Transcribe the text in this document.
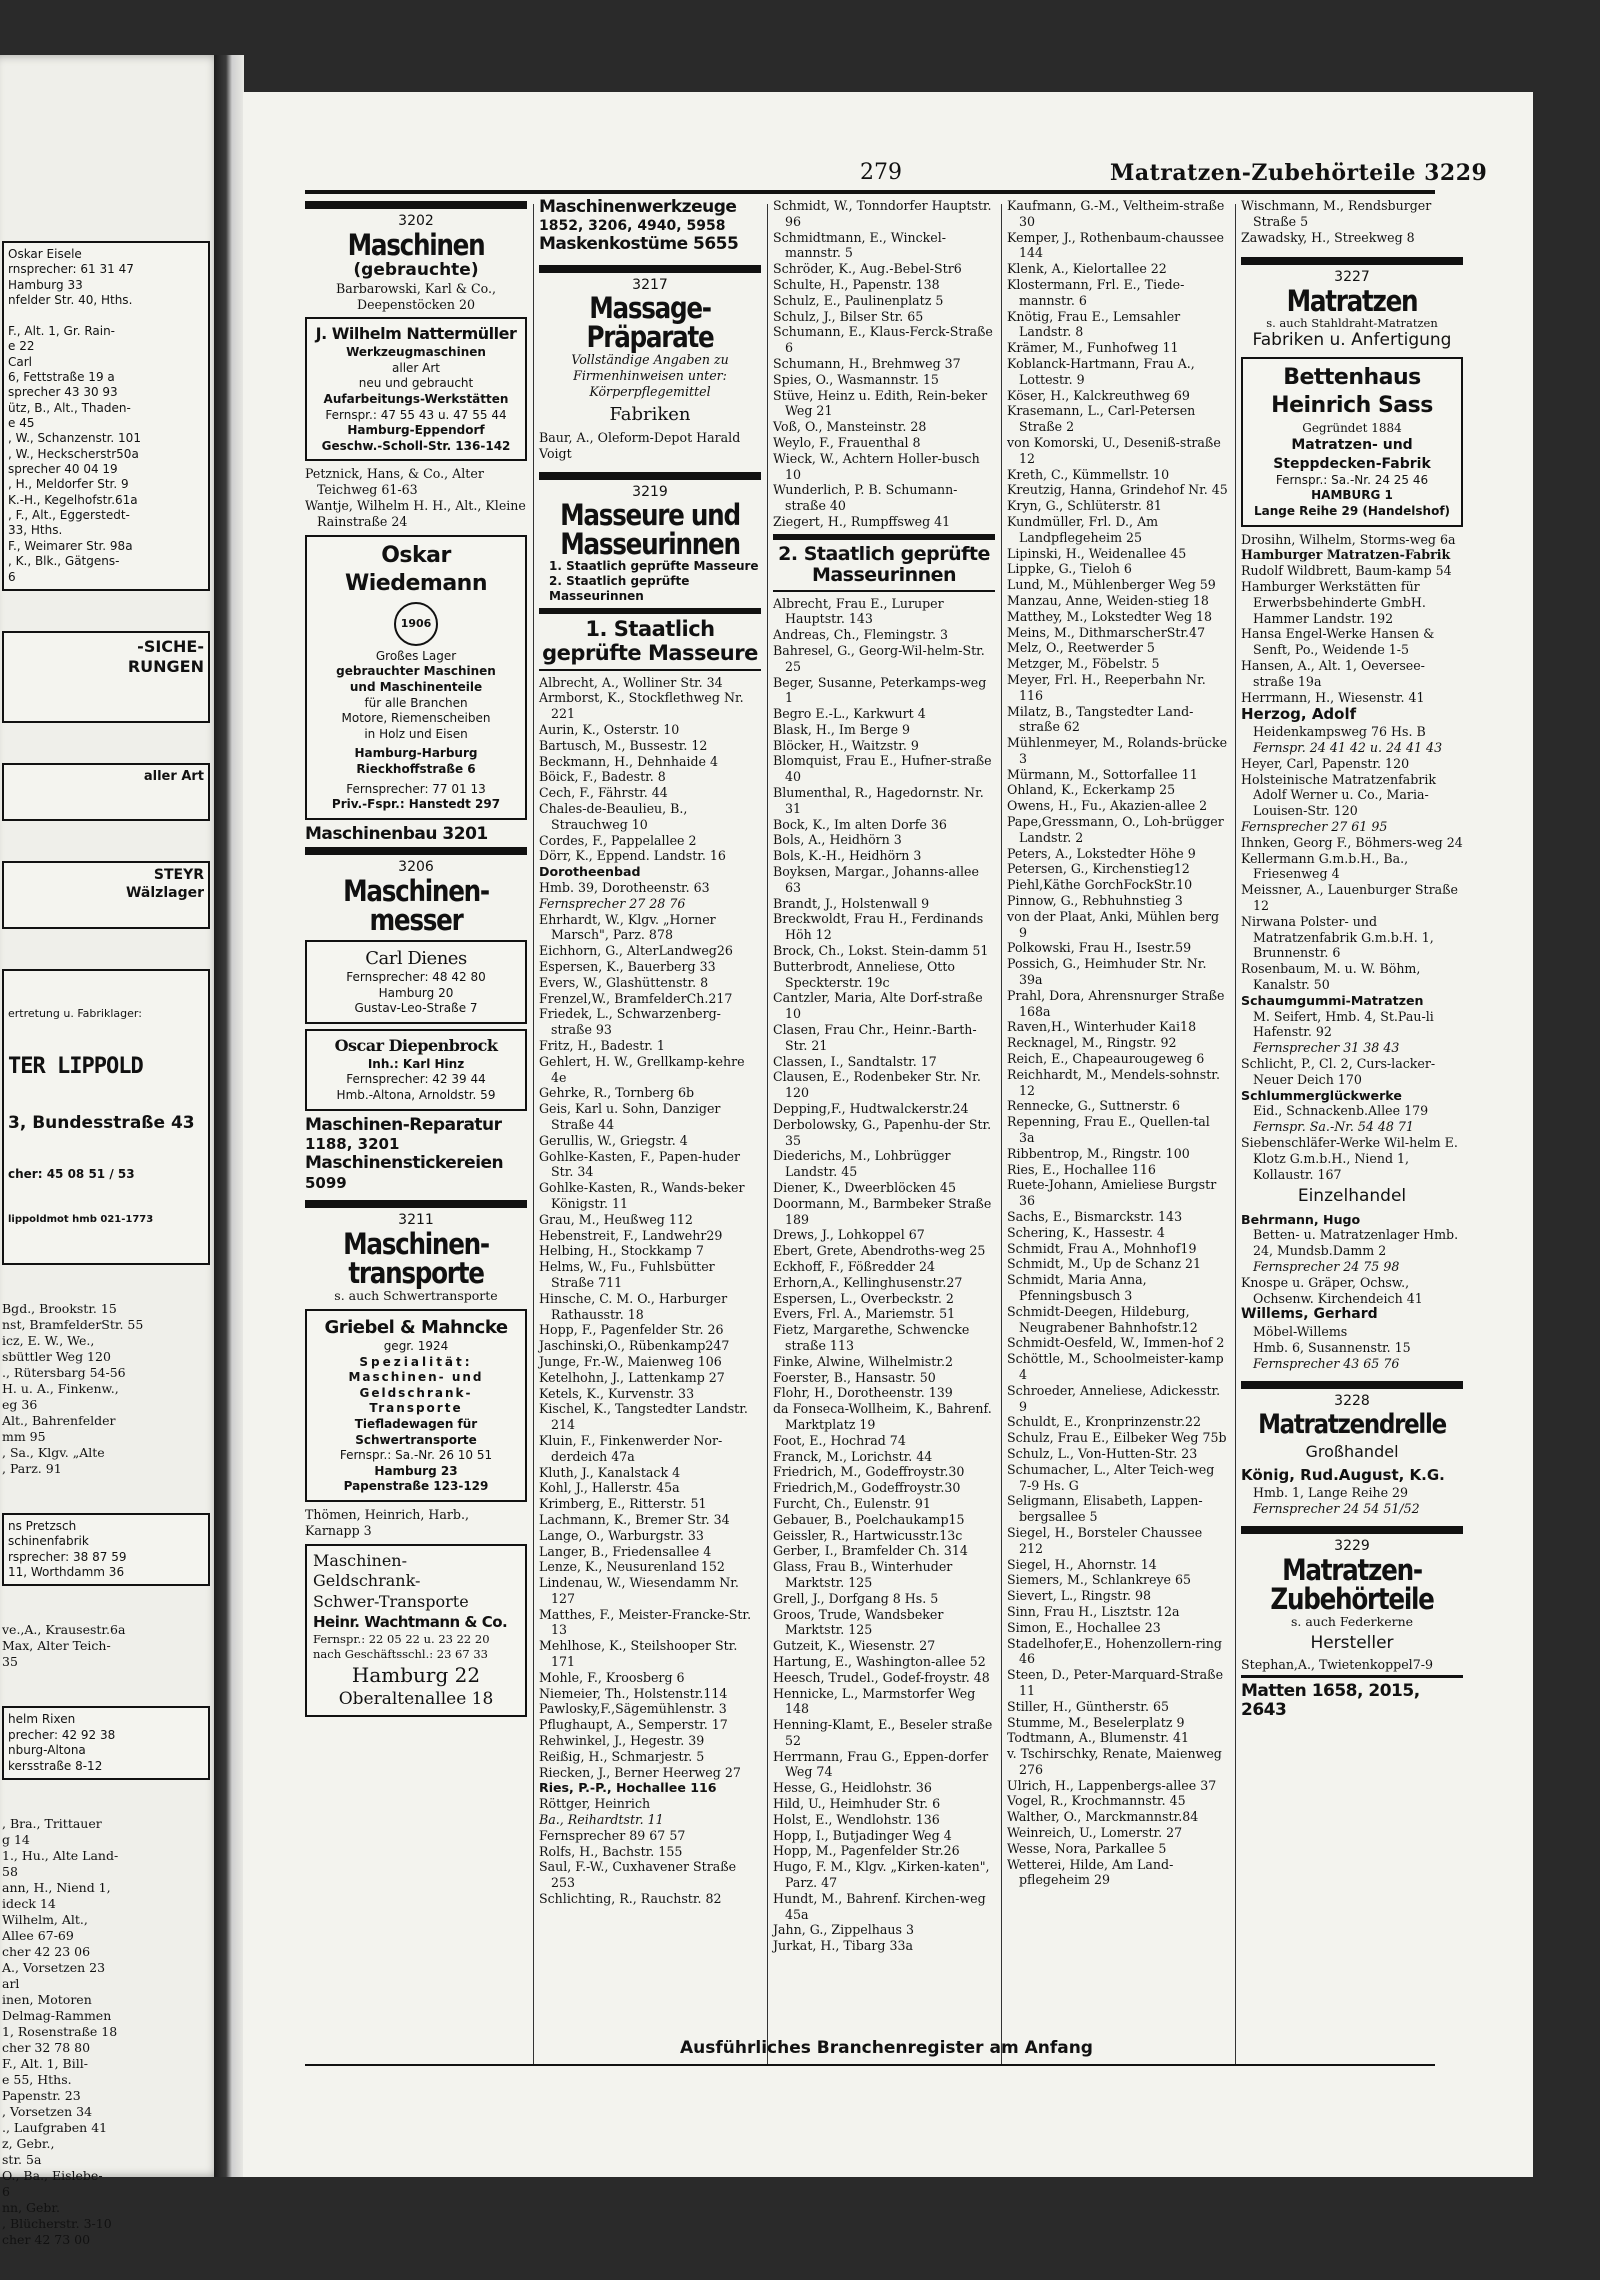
Oskar Eisele
rnsprecher: 61 31 47
Hamburg 33
nfelder Str. 40, Hths.

F., Alt. 1, Gr. Rain-
e 22
Carl
6, Fettstraße 19 a
sprecher 43 30 93
ütz, B., Alt., Thaden-
e 45
, W., Schanzenstr. 101
, W., Heckscherstr50a
sprecher 40 04 19
, H., Meldorfer Str. 9
K.-H., Kegelhofstr.61a
, F., Alt., Eggerstedt-
33, Hths.
F., Weimarer Str. 98a
, K., Blk., Gätgens-
6

-SICHE-
RUNGEN

aller Art

STEYR
Wälzlager

ertretung u. Fabriklager:

TER LIPPOLD

3, Bundesstraße 43

cher: 45 08 51 / 53

lippoldmot hmb 021-1773

Bgd., Brookstr. 15
nst, BramfelderStr. 55
icz, E. W., We.,
sbüttler Weg 120
., Rütersbarg 54-56
H. u. A., Finkenw.,
eg 36
Alt., Bahrenfelder
mm 95
, Sa., Klgv. „Alte
, Parz. 91

ns Pretzsch
schinenfabrik
rsprecher: 38 87 59
11, Worthdamm 36

ve.,A., Krausestr.6a
Max, Alter Teich-
35

helm Rixen
precher: 42 92 38
nburg-Altona
kersstraße 8-12

, Bra., Trittauer
g 14
1., Hu., Alte Land-
58
ann, H., Niend 1,
ideck 14
Wilhelm, Alt.,
Allee 67-69
cher 42 23 06
A., Vorsetzen 23
arl
inen, Motoren
Delmag-Rammen
1, Rosenstraße 18
cher 32 78 80
F., Alt. 1, Bill-
e 55, Hths.
Papenstr. 23
, Vorsetzen 34
., Laufgraben 41
z, Gebr.,
str. 5a
O., Ba., Eislebe-
6
nn, Gebr.
, Blücherstr. 3-10
cher 42 73 00

279	Matratzen-Zubehörteile 3229
3202
Maschinen
(gebrauchte)
Barbarowski, Karl & Co., Deepenstöcken 20
J. Wilhelm Nattermüller
Werkzeugmaschinen
aller Art
neu und gebraucht
Aufarbeitungs-Werkstätten
Fernspr.: 47 55 43 u. 47 55 44
Hamburg-Eppendorf
Geschw.-Scholl-Str. 136-142
Petznick, Hans, & Co., Alter Teichweg 61-63
Wantje, Wilhelm H. H., Alt., Kleine Rainstraße 24
Oskar Wiedemann
1906
Großes Lager
gebrauchter Maschinen
und Maschinenteile
für alle Branchen
Motore, Riemenscheiben
in Holz und Eisen
Hamburg-Harburg
Rieckhoffstraße 6
Fernsprecher: 77 01 13
Priv.-Fspr.: Hanstedt 297
Maschinenbau 3201
3206
Maschinen-messer
Carl Dienes
Fernsprecher: 48 42 80
Hamburg 20
Gustav-Leo-Straße 7
Oscar Diepenbrock
Inh.: Karl Hinz
Fernsprecher: 42 39 44
Hmb.-Altona, Arnoldstr. 59
Maschinen-Reparatur
1188, 3201
Maschinenstickereien
5099
3211
Maschinen-transporte
s. auch Schwertransporte
Griebel & Mahncke
gegr. 1924
Spezialität:
Maschinen- und
Geldschrank-
Transporte
Tiefladewagen für
Schwertransporte
Fernspr.: Sa.-Nr. 26 10 51
Hamburg 23
Papenstraße 123-129
Thömen, Heinrich, Harb., Karnapp 3
Maschinen-
Geldschrank-
Schwer-Transporte
Heinr. Wachtmann & Co.
Fernspr.: 22 05 22 u. 23 22 20
nach Geschäftsschl.: 23 67 33
Hamburg 22
Oberaltenallee 18
Maschinenwerkzeuge
1852, 3206, 4940, 5958
Maskenkostüme 5655
3217
Massage-Präparate
Vollständige Angaben zu Firmenhinweisen unter: Körperpflegemittel
Fabriken
Baur, A., Oleform-Depot Harald Voigt
3219
Masseure und Masseurinnen
1. Staatlich geprüfte Masseure
2. Staatlich geprüfte Masseurinnen
1. Staatlich geprüfte Masseure
Albrecht, A., Wolliner Str. 34
Armborst, K., Stockflethweg Nr. 221
Aurin, K., Osterstr. 10
Bartusch, M., Bussestr. 12
Beckmann, H., Dehnhaide 4
Böick, F., Badestr. 8
Cech, F., Fährstr. 44
Chales-de-Beaulieu, B., Strauchweg 10
Cordes, F., Pappelallee 2
Dörr, K., Eppend. Landstr. 16
Dorotheenbad
Hmb. 39, Dorotheenstr. 63
Fernsprecher 27 28 76
Ehrhardt, W., Klgv. „Horner Marsch", Parz. 878
Eichhorn, G., AlterLandweg26
Espersen, K., Bauerberg 33
Evers, W., Glashüttenstr. 8
Frenzel,W., BramfelderCh.217
Friedek, L., Schwarzenberg-straße 93
Fritz, H., Badestr. 1
Gehlert, H. W., Grellkamp-kehre 4e
Gehrke, R., Tornberg 6b
Geis, Karl u. Sohn, Danziger Straße 44
Gerullis, W., Griegstr. 4
Gohlke-Kasten, F., Papen-huder Str. 34
Gohlke-Kasten, R., Wands-beker Königstr. 11
Grau, M., Heußweg 112
Hebenstreit, F., Landwehr29
Helbing, H., Stockkamp 7
Helms, W., Fu., Fuhlsbütter Straße 711
Hinsche, C. M. O., Harburger Rathausstr. 18
Hopp, F., Pagenfelder Str. 26
Jaschinski,O., Rübenkamp247
Junge, Fr.-W., Maienweg 106
Ketelhohn, J., Lattenkamp 27
Ketels, K., Kurvenstr. 33
Kischel, K., Tangstedter Landstr. 214
Kluin, F., Finkenwerder Nor-derdeich 47a
Kluth, J., Kanalstack 4
Kohl, J., Hallerstr. 45a
Krimberg, E., Ritterstr. 51
Lachmann, K., Bremer Str. 34
Lange, O., Warburgstr. 33
Langer, B., Friedensallee 4
Lenze, K., Neusurenland 152
Lindenau, W., Wiesendamm Nr. 127
Matthes, F., Meister-Francke-Str. 13
Mehlhose, K., Steilshooper Str. 171
Mohle, F., Kroosberg 6
Niemeier, Th., Holstenstr.114
Pawlosky,F.,Sägemühlenstr. 3
Pflughaupt, A., Semperstr. 17
Rehwinkel, J., Hegestr. 39
Reißig, H., Schmarjestr. 5
Riecken, J., Berner Heerweg 27
Ries, P.-P., Hochallee 116
Röttger, Heinrich
Ba., Reihardtstr. 11
Fernsprecher 89 67 57
Rolfs, H., Bachstr. 155
Saul, F.-W., Cuxhavener Straße 253
Schlichting, R., Rauchstr. 82
Schmidt, W., Tonndorfer Hauptstr. 96
Schmidtmann, E., Winckel-mannstr. 5
Schröder, K., Aug.-Bebel-Str6
Schulte, H., Papenstr. 138
Schulz, E., Paulinenplatz 5
Schulz, J., Bilser Str. 65
Schumann, E., Klaus-Ferck-Straße 6
Schumann, H., Brehmweg 37
Spies, O., Wasmannstr. 15
Stüve, Heinz u. Edith, Rein-beker Weg 21
Voß, O., Mansteinstr. 28
Weylo, F., Frauenthal 8
Wieck, W., Achtern Holler-busch 10
Wunderlich, P. B. Schumann-straße 40
Ziegert, H., Rumpffsweg 41
2. Staatlich geprüfte Masseurinnen
Albrecht, Frau E., Luruper Hauptstr. 143
Andreas, Ch., Flemingstr. 3
Bahresel, G., Georg-Wil-helm-Str. 25
Beger, Susanne, Peterkamps-weg 1
Begro E.-L., Karkwurt 4
Blask, H., Im Berge 9
Blöcker, H., Waitzstr. 9
Blomquist, Frau E., Hufner-straße 40
Blumenthal, R., Hagedornstr. Nr. 31
Bock, K., Im alten Dorfe 36
Bols, A., Heidhörn 3
Bols, K.-H., Heidhörn 3
Boyksen, Margar., Johanns-allee 63
Brandt, J., Holstenwall 9
Breckwoldt, Frau H., Ferdinands Höh 12
Brock, Ch., Lokst. Stein-damm 51
Butterbrodt, Anneliese, Otto Speckterstr. 19c
Cantzler, Maria, Alte Dorf-straße 10
Clasen, Frau Chr., Heinr.-Barth-Str. 21
Classen, I., Sandtalstr. 17
Clausen, E., Rodenbeker Str. Nr. 120
Depping,F., Hudtwalckerstr.24
Derbolowsky, G., Papenhu-der Str. 35
Diederichs, M., Lohbrügger Landstr. 45
Diener, K., Dweerblöcken 45
Doormann, M., Barmbeker Straße 189
Drews, J., Lohkoppel 67
Ebert, Grete, Abendroths-weg 25
Eckhoff, F., Fößredder 24
Erhorn,A., Kellinghusenstr.27
Espersen, L., Overbeckstr. 2
Evers, Frl. A., Mariemstr. 51
Fietz, Margarethe, Schwencke straße 113
Finke, Alwine, Wilhelmistr.2
Foerster, B., Hansastr. 50
Flohr, H., Dorotheenstr. 139
da Fonseca-Wollheim, K., Bahrenf. Marktplatz 19
Foot, E., Hochrad 74
Franck, M., Lorichstr. 44
Friedrich, M., Godeffroystr.30
Friedrich,M., Godeffroystr.30
Furcht, Ch., Eulenstr. 91
Gebauer, B., Poelchaukamp15
Geissler, R., Hartwicusstr.13c
Gerber, I., Bramfelder Ch. 314
Glass, Frau B., Winterhuder Marktstr. 125
Grell, J., Dorfgang 8 Hs. 5
Groos, Trude, Wandsbeker Marktstr. 125
Gutzeit, K., Wiesenstr. 27
Hartung, E., Washington-allee 52
Heesch, Trudel., Godef-froystr. 48
Hennicke, L., Marmstorfer Weg 148
Henning-Klamt, E., Beseler straße 52
Herrmann, Frau G., Eppen-dorfer Weg 74
Hesse, G., Heidlohstr. 36
Hild, U., Heimhuder Str. 6
Holst, E., Wendlohstr. 136
Hopp, I., Butjadinger Weg 4
Hopp, M., Pagenfelder Str.26
Hugo, F. M., Klgv. „Kirken-katen", Parz. 47
Hundt, M., Bahrenf. Kirchen-weg 45a
Jahn, G., Zippelhaus 3
Jurkat, H., Tibarg 33a
Kaufmann, G.-M., Veltheim-straße 30
Kemper, J., Rothenbaum-chaussee 144
Klenk, A., Kielortallee 22
Klostermann, Frl. E., Tiede-mannstr. 6
Knötig, Frau E., Lemsahler Landstr. 8
Krämer, M., Funhofweg 11
Koblanck-Hartmann, Frau A., Lottestr. 9
Köser, H., Kalckreuthweg 69
Krasemann, L., Carl-Petersen Straße 2
von Komorski, U., Deseniß-straße 12
Kreth, C., Kümmellstr. 10
Kreutzig, Hanna, Grindehof Nr. 45
Kryn, G., Schlüterstr. 81
Kundmüller, Frl. D., Am Landpflegeheim 25
Lipinski, H., Weidenallee 45
Lippke, G., Tieloh 6
Lund, M., Mühlenberger Weg 59
Manzau, Anne, Weiden-stieg 18
Matthey, M., Lokstedter Weg 18
Meins, M., DithmarscherStr.47
Melz, O., Reetwerder 5
Metzger, M., Föbelstr. 5
Meyer, Frl. H., Reeperbahn Nr. 116
Milatz, B., Tangstedter Land-straße 62
Mühlenmeyer, M., Rolands-brücke 3
Mürmann, M., Sottorfallee 11
Ohland, K., Eckerkamp 25
Owens, H., Fu., Akazien-allee 2
Pape,Gressmann, O., Loh-brügger Landstr. 2
Peters, A., Lokstedter Höhe 9
Petersen, G., Kirchenstieg12
Piehl,Käthe GorchFockStr.10
Pinnow, G., Rebhuhnstieg 3
von der Plaat, Anki, Mühlen berg 9
Polkowski, Frau H., Isestr.59
Possich, G., Heimhuder Str. Nr. 39a
Prahl, Dora, Ahrensnurger Straße 168a
Raven,H., Winterhuder Kai18
Recknagel, M., Ringstr. 92
Reich, E., Chapeaurougeweg 6
Reichhardt, M., Mendels-sohnstr. 12
Rennecke, G., Suttnerstr. 6
Repenning, Frau E., Quellen-tal 3a
Ribbentrop, M., Ringstr. 100
Ries, E., Hochallee 116
Ruete-Johann, Amieliese Burgstr 36
Sachs, E., Bismarckstr. 143
Schering, K., Hassestr. 4
Schmidt, Frau A., Mohnhof19
Schmidt, M., Up de Schanz 21
Schmidt, Maria Anna, Pfenningsbusch 3
Schmidt-Deegen, Hildeburg, Neugrabener Bahnhofstr.12
Schmidt-Oesfeld, W., Immen-hof 2
Schöttle, M., Schoolmeister-kamp 4
Schroeder, Anneliese, Adickesstr. 9
Schuldt, E., Kronprinzenstr.22
Schulz, Frau E., Eilbeker Weg 75b
Schulz, L., Von-Hutten-Str. 23
Schumacher, L., Alter Teich-weg 7-9 Hs. G
Seligmann, Elisabeth, Lappen-bergsallee 5
Siegel, H., Borsteler Chaussee 212
Siegel, H., Ahornstr. 14
Siemers, M., Schlankreye 65
Sievert, L., Ringstr. 98
Sinn, Frau H., Lisztstr. 12a
Simon, E., Hochallee 23
Stadelhofer,E., Hohenzollern-ring 46
Steen, D., Peter-Marquard-Straße 11
Stiller, H., Güntherstr. 65
Stumme, M., Beselerplatz 9
Todtmann, A., Blumenstr. 41
v. Tschirschky, Renate, Maienweg 276
Ulrich, H., Lappenbergs-allee 37
Vogel, R., Krochmannstr. 45
Walther, O., Marckmannstr.84
Weinreich, U., Lomerstr. 27
Wesse, Nora, Parkallee 5
Wetterei, Hilde, Am Land-pflegeheim 29
Wischmann, M., Rendsburger Straße 5
Zawadsky, H., Streekweg 8
3227
Matratzen
s. auch Stahldraht-Matratzen
Fabriken u. Anfertigung
Bettenhaus
Heinrich Sass
Gegründet 1884
Matratzen- und
Steppdecken-Fabrik
Fernspr.: Sa.-Nr. 24 25 46
HAMBURG 1
Lange Reihe 29 (Handelshof)
Drosihn, Wilhelm, Storms-weg 6a
Hamburger Matratzen-Fabrik
Rudolf Wildbrett, Baum-kamp 54
Hamburger Werkstätten für Erwerbsbehinderte GmbH. Hammer Landstr. 192
Hansa Engel-Werke Hansen & Senft, Po., Weidende 1-5
Hansen, A., Alt. 1, Oeversee-straße 19a
Herrmann, H., Wiesenstr. 41
Herzog, Adolf
Heidenkampsweg 76 Hs. B
Fernspr. 24 41 42 u. 24 41 43
Heyer, Carl, Papenstr. 120
Holsteinische Matratzenfabrik Adolf Werner u. Co., Maria-Louisen-Str. 120
Fernsprecher 27 61 95
Ihnken, Georg F., Böhmers-weg 24
Kellermann G.m.b.H., Ba., Friesenweg 4
Meissner, A., Lauenburger Straße 12
Nirwana Polster- und Matratzenfabrik G.m.b.H. 1, Brunnenstr. 6
Rosenbaum, M. u. W. Böhm, Kanalstr. 50
Schaumgummi-Matratzen
M. Seifert, Hmb. 4, St.Pau-li Hafenstr. 92
Fernsprecher 31 38 43
Schlicht, P., Cl. 2, Curs-lacker-Neuer Deich 170
Schlummerglückwerke
Eid., Schnackenb.Allee 179
Fernspr. Sa.-Nr. 54 48 71
Siebenschläfer-Werke Wil-helm E. Klotz G.m.b.H., Niend 1, Kollaustr. 167
Einzelhandel
Behrmann, Hugo
Betten- u. Matratzenlager Hmb. 24, Mundsb.Damm 2
Fernsprecher 24 75 98
Knospe u. Gräper, Ochsw., Ochsenw. Kirchendeich 41
Willems, Gerhard
Möbel-Willems
Hmb. 6, Susannenstr. 15
Fernsprecher 43 65 76
3228
Matratzendrelle
Großhandel
König, Rud.August, K.G.
Hmb. 1, Lange Reihe 29
Fernsprecher 24 54 51/52
3229
Matratzen-Zubehörteile
s. auch Federkerne
Hersteller
Stephan,A., Twietenkoppel7-9
Matten 1658, 2015, 2643
Ausführliches Branchenregister am Anfang
